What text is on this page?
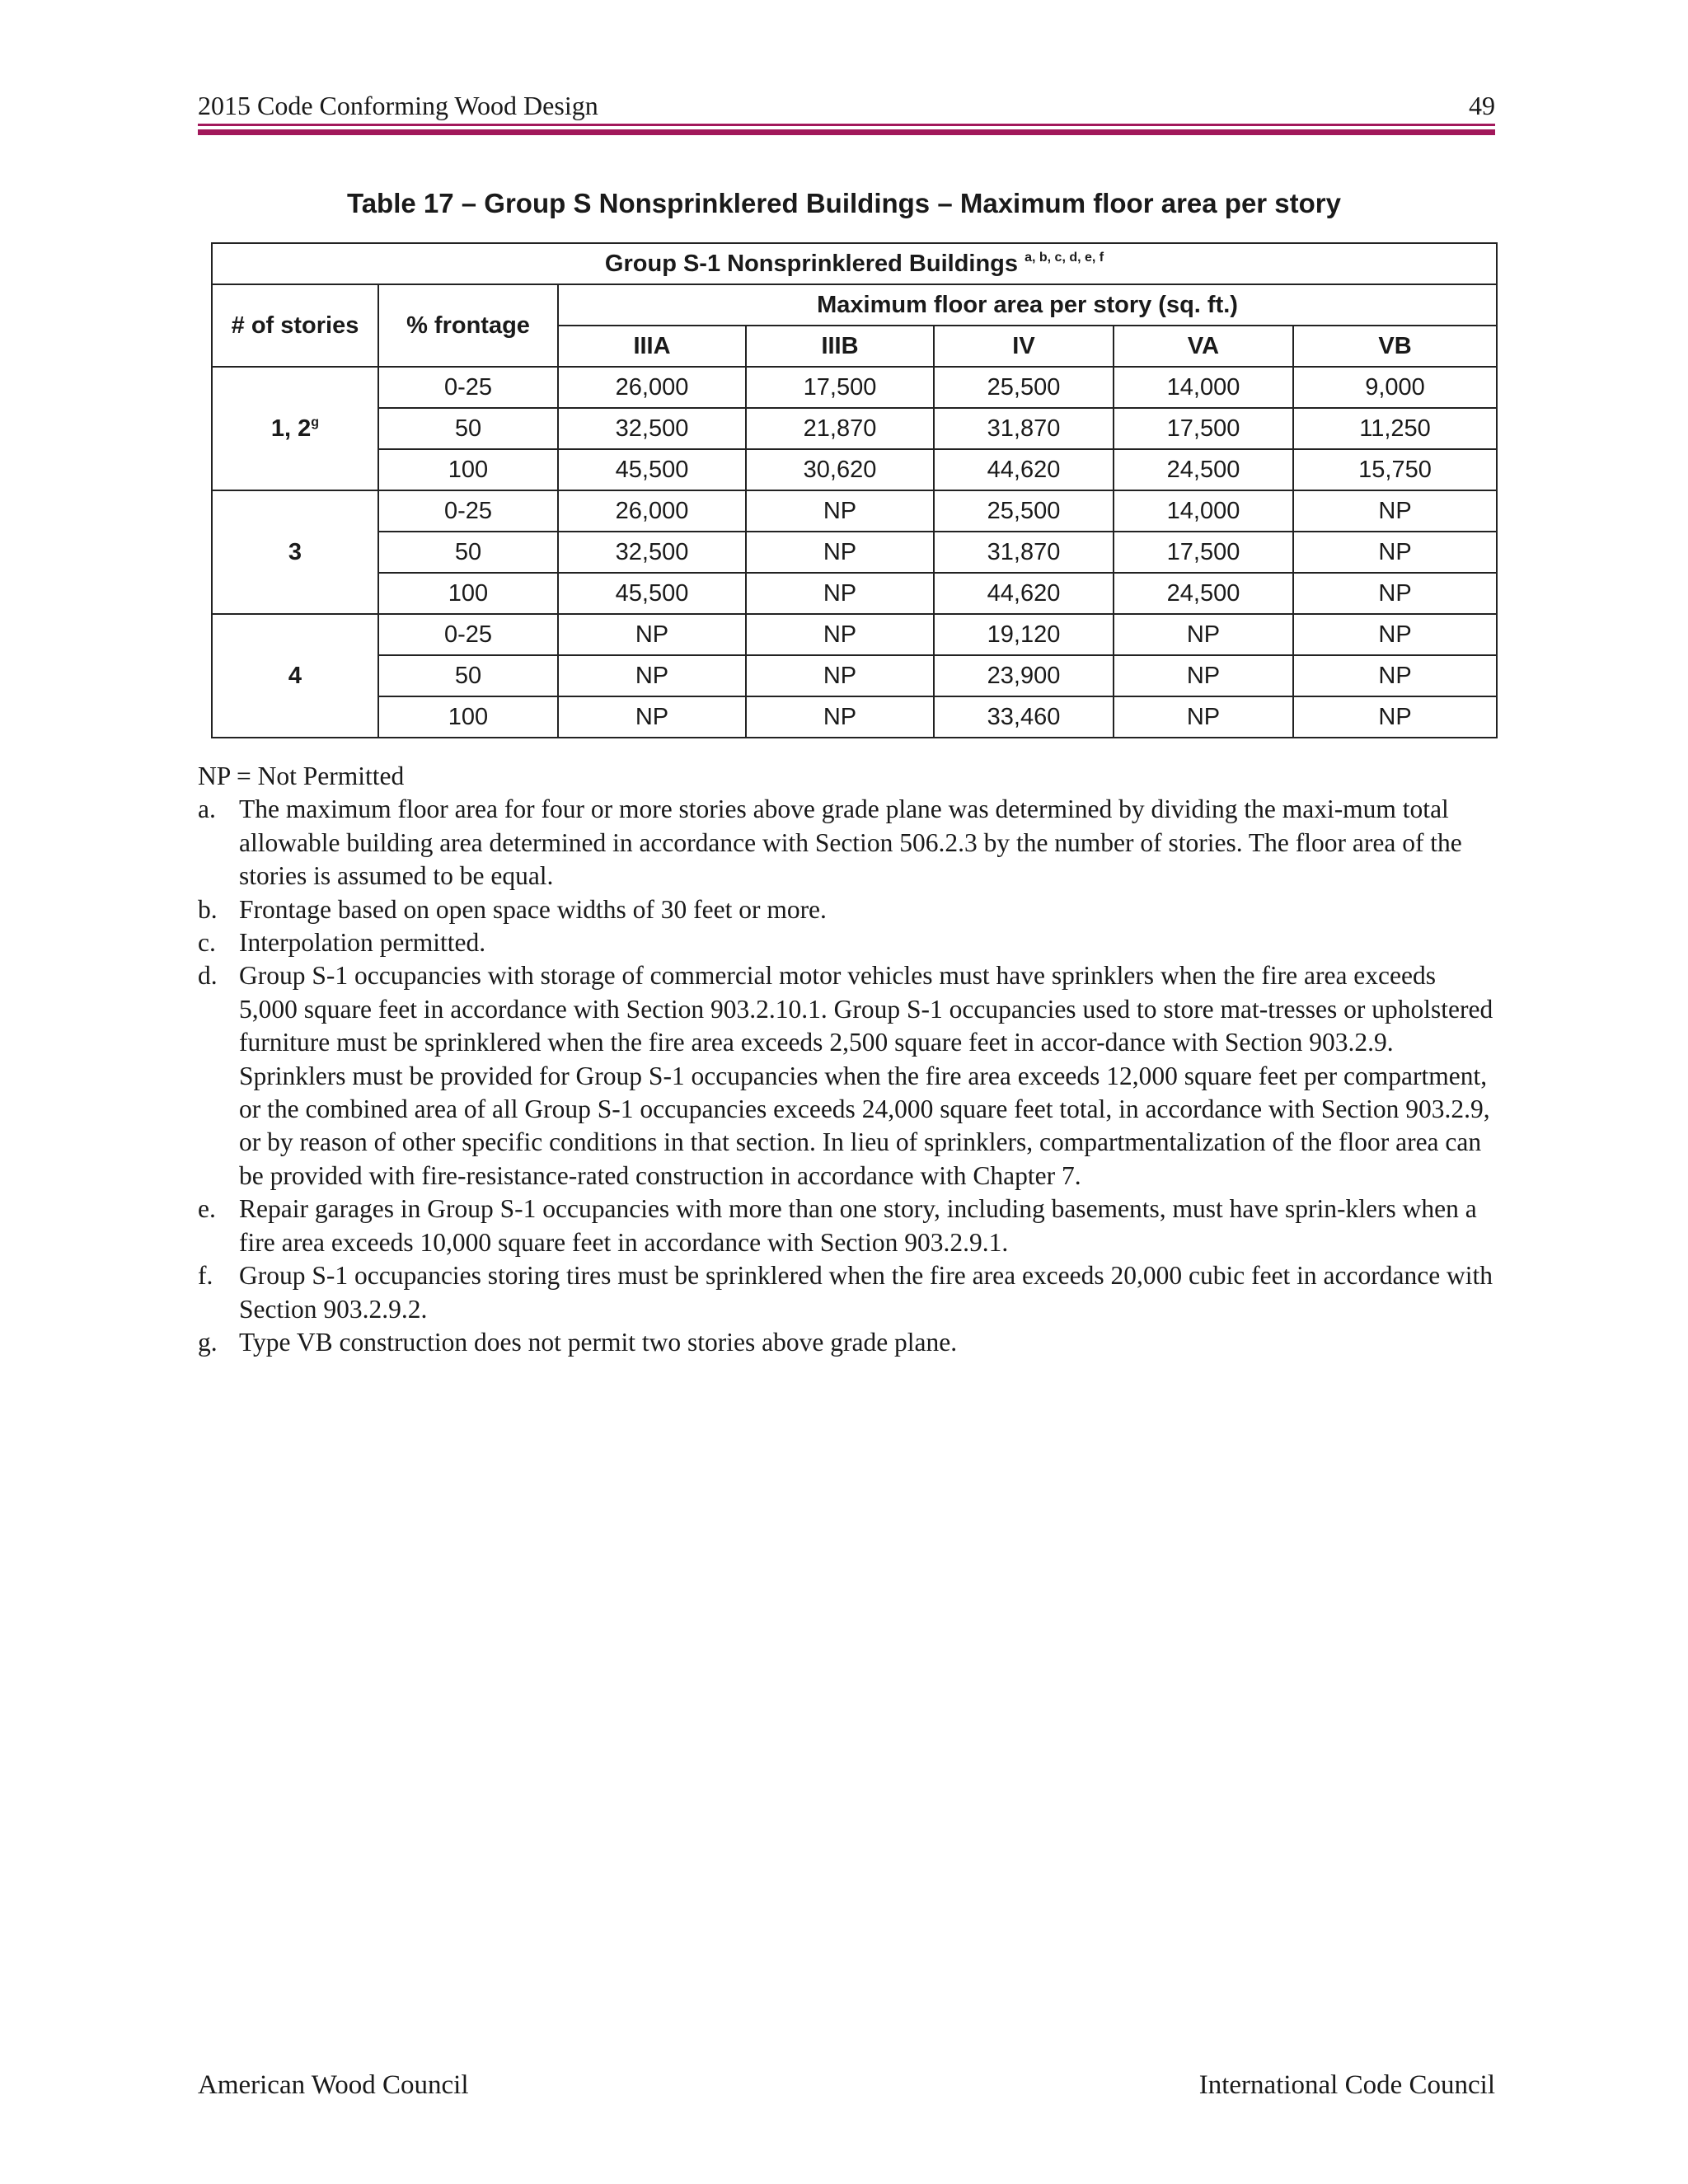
2015 Code Conforming Wood Design	49
Table 17 – Group S Nonsprinklered Buildings – Maximum floor area per story
Group S-1 Nonsprinklered Buildings $^{a, b, c, d, e, f}$
# of stories	% frontage	Maximum floor area per story (sq. ft.)				
		IIIA	IIIB	IV	VA	VB
1, 2$^g$	0-25	26,000	17,500	25,500	14,000	9,000
	50	32,500	21,870	31,870	17,500	11,250
	100	45,500	30,620	44,620	24,500	15,750
3	0-25	26,000	NP	25,500	14,000	NP
	50	32,500	NP	31,870	17,500	NP
	100	45,500	NP	44,620	24,500	NP
4	0-25	NP	NP	19,120	NP	NP
	50	NP	NP	23,900	NP	NP
	100	NP	NP	33,460	NP	NP
NP = Not Permitted
a. The maximum floor area for four or more stories above grade plane was determined by dividing the maxi-mum total allowable building area determined in accordance with Section 506.2.3 by the number of stories. The floor area of the stories is assumed to be equal.
b. Frontage based on open space widths of 30 feet or more.
c. Interpolation permitted.
d. Group S-1 occupancies with storage of commercial motor vehicles must have sprinklers when the fire area exceeds 5,000 square feet in accordance with Section 903.2.10.1. Group S-1 occupancies used to store mat-tresses or upholstered furniture must be sprinklered when the fire area exceeds 2,500 square feet in accor-dance with Section 903.2.9. Sprinklers must be provided for Group S-1 occupancies when the fire area exceeds 12,000 square feet per compartment, or the combined area of all Group S-1 occupancies exceeds 24,000 square feet total, in accordance with Section 903.2.9, or by reason of other specific conditions in that section. In lieu of sprinklers, compartmentalization of the floor area can be provided with fire-resistance-rated construction in accordance with Chapter 7.
e. Repair garages in Group S-1 occupancies with more than one story, including basements, must have sprin-klers when a fire area exceeds 10,000 square feet in accordance with Section 903.2.9.1.
f. Group S-1 occupancies storing tires must be sprinklered when the fire area exceeds 20,000 cubic feet in accordance with Section 903.2.9.2.
g. Type VB construction does not permit two stories above grade plane.
American Wood Council	International Code Council
